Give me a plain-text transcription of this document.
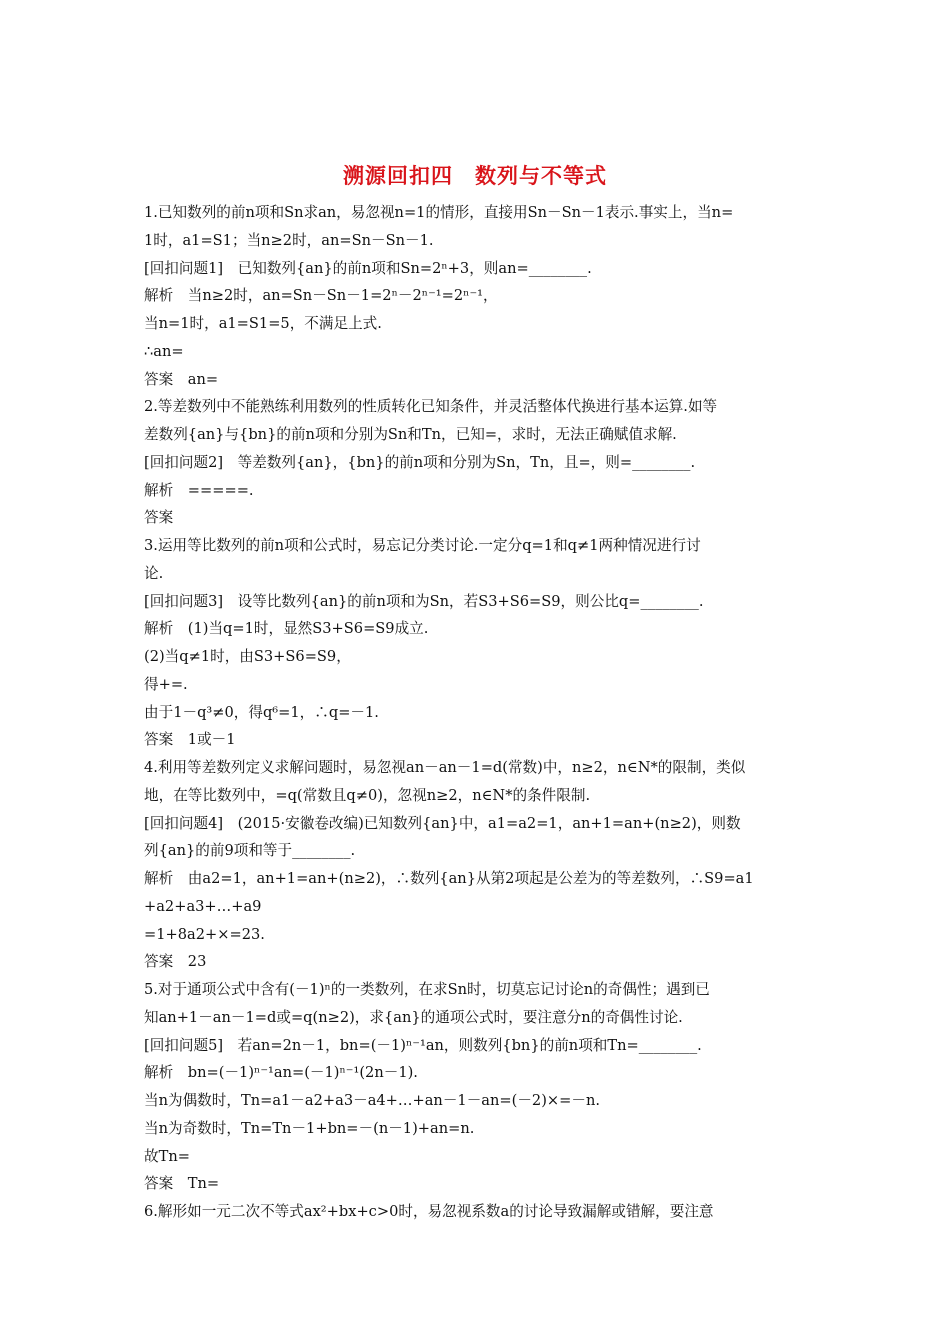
溯源回扣四　数列与不等式
1.已知数列的前n项和Sn求an，易忽视n=1的情形，直接用Sn－Sn－1表示.事实上，当n=
1时，a1=S1；当n≥2时，an=Sn－Sn－1.
[回扣问题1]　已知数列{an}的前n项和Sn=2ⁿ+3，则an=________.
解析　当n≥2时，an=Sn－Sn－1=2ⁿ－2ⁿ⁻¹=2ⁿ⁻¹，
当n=1时，a1=S1=5，不满足上式.
∴an=
答案　an=
2.等差数列中不能熟练利用数列的性质转化已知条件，并灵活整体代换进行基本运算.如等
差数列{an}与{bn}的前n项和分别为Sn和Tn，已知=，求时，无法正确赋值求解.
[回扣问题2]　等差数列{an}，{bn}的前n项和分别为Sn，Tn，且=，则=________.
解析　=====.
答案
3.运用等比数列的前n项和公式时，易忘记分类讨论.一定分q=1和q≠1两种情况进行讨
论.
[回扣问题3]　设等比数列{an}的前n项和为Sn，若S3+S6=S9，则公比q=________.
解析　(1)当q=1时，显然S3+S6=S9成立.
(2)当q≠1时，由S3+S6=S9，
得+=.
由于1－q³≠0，得q⁶=1，∴q=－1.
答案　1或－1
4.利用等差数列定义求解问题时，易忽视an－an－1=d(常数)中，n≥2，n∈N*的限制，类似
地，在等比数列中，=q(常数且q≠0)，忽视n≥2，n∈N*的条件限制.
[回扣问题4]　(2015·安徽卷改编)已知数列{an}中，a1=a2=1，an+1=an+(n≥2)，则数
列{an}的前9项和等于________.
解析　由a2=1，an+1=an+(n≥2)，∴数列{an}从第2项起是公差为的等差数列，∴S9=a1
+a2+a3+…+a9
=1+8a2+×=23.
答案　23
5.对于通项公式中含有(－1)ⁿ的一类数列，在求Sn时，切莫忘记讨论n的奇偶性；遇到已
知an+1－an－1=d或=q(n≥2)，求{an}的通项公式时，要注意分n的奇偶性讨论.
[回扣问题5]　若an=2n－1，bn=(－1)ⁿ⁻¹an，则数列{bn}的前n项和Tn=________.
解析　bn=(－1)ⁿ⁻¹an=(－1)ⁿ⁻¹(2n－1).
当n为偶数时，Tn=a1－a2+a3－a4+…+an－1－an=(－2)×=－n.
当n为奇数时，Tn=Tn－1+bn=－(n－1)+an=n.
故Tn=
答案　Tn=
6.解形如一元二次不等式ax²+bx+c>0时，易忽视系数a的讨论导致漏解或错解，要注意
